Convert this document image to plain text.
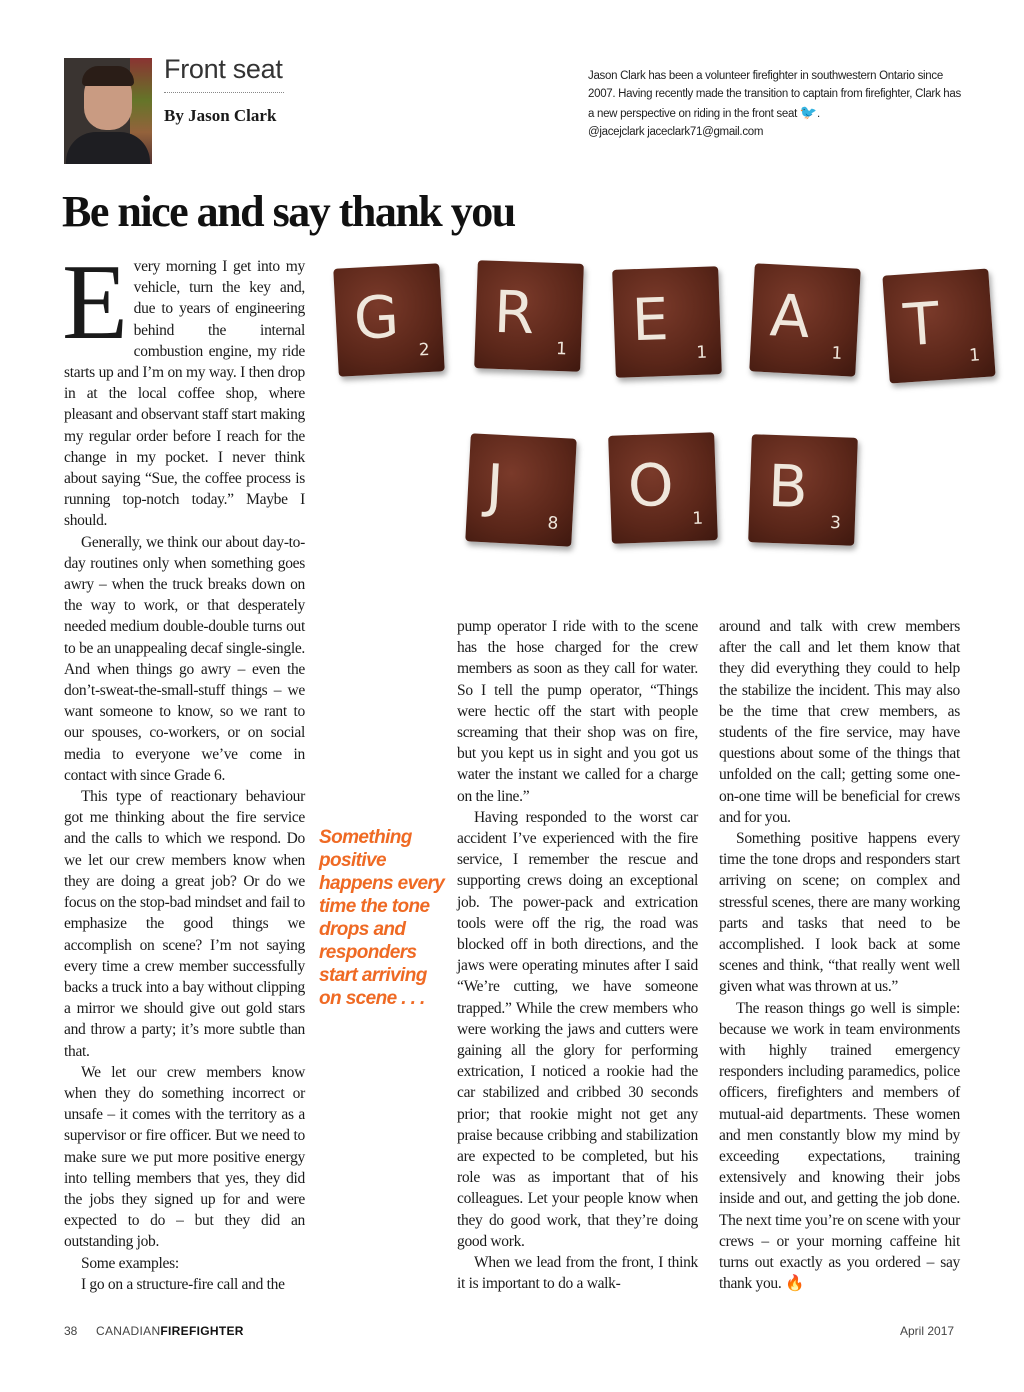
Front seat
By Jason Clark
Jason Clark has been a volunteer firefighter in southwestern Ontario since 2007. Having recently made the transition to captain from firefighter, Clark has a new perspective on riding in the front seat 🐦.
@jacejclark jaceclark71@gmail.com
Be nice and say thank you
G 2
R
1 E 1
A
1 T 1
J
8
O 1 B
3

Every morning I get into my vehicle, turn the key and, due to years of engineering behind the internal combustion engine, my ride starts up and I’m on my way. I then drop in at the local coffee shop, where pleasant and observant staff start making my regular order before I reach for the change in my pocket. I never think about saying “Sue, the coffee process is running top-notch today.” Maybe I should.

Generally, we think our about day-to-day routines only when something goes awry – when the truck breaks down on the way to work, or that desperately needed medium double-double turns out to be an unappealing decaf single-single. And when things go awry – even the don’t-sweat-the-small-stuff things – we want someone to know, so we rant to our spouses, co-workers, or on social media to everyone we’ve come in contact with since Grade 6.

This type of reactionary behaviour got me thinking about the fire service and the calls to which we respond. Do we let our crew members know when they are doing a great job? Or do we focus on the stop-bad mindset and fail to emphasize the good things we accomplish on scene? I’m not saying every time a crew member successfully backs a truck into a bay without clipping a mirror we should give out gold stars and throw a party; it’s more subtle than that.

We let our crew members know when they do something incorrect or unsafe – it comes with the territory as a supervisor or fire officer. But we need to make sure we put more positive energy into telling members that yes, they did the jobs they signed up for and were expected to do – but they did an outstanding job.

Some examples:

I go on a structure-fire call and the

Something positive happens every time the tone drops and responders start arriving on scene . . .

pump operator I ride with to the scene has the hose charged for the crew members as soon as they call for water. So I tell the pump operator, “Things were hectic off the start with people screaming that their shop was on fire, but you kept us in sight and you got us water the instant we called for a charge on the line.”

Having responded to the worst car accident I’ve experienced with the fire service, I remember the rescue and supporting crews doing an exceptional job. The power-pack and extrication tools were off the rig, the road was blocked off in both directions, and the jaws were operating minutes after I said “We’re cutting, we have someone trapped.” While the crew members who were working the jaws and cutters were gaining all the glory for performing extrication, I noticed a rookie had the car stabilized and cribbed 30 seconds prior; that rookie might not get any praise because cribbing and stabilization are expected to be completed, but his role was as important that of his colleagues. Let your people know when they do good work, that they’re doing good work.

When we lead from the front, I think it is important to do a walk-

around and talk with crew members after the call and let them know that they did everything they could to help the stabilize the incident. This may also be the time that crew members, as students of the fire service, may have questions about some of the things that unfolded on the call; getting some one-on-one time will be beneficial for crews and for you.

Something positive happens every time the tone drops and responders start arriving on scene; on complex and stressful scenes, there are many working parts and tasks that need to be accomplished. I look back at some scenes and think, “that really went well given what was thrown at us.”

The reason things go well is simple: because we work in team environments with highly trained emergency responders including paramedics, police officers, firefighters and members of mutual-aid departments. These women and men constantly blow my mind by exceeding expectations, training extensively and knowing their jobs inside and out, and getting the job done. The next time you’re on scene with your crews – or your morning caffeine hit turns out exactly as you ordered – say thank you. 🔥

38 CANADIANFIREFIGHTER	April 2017
